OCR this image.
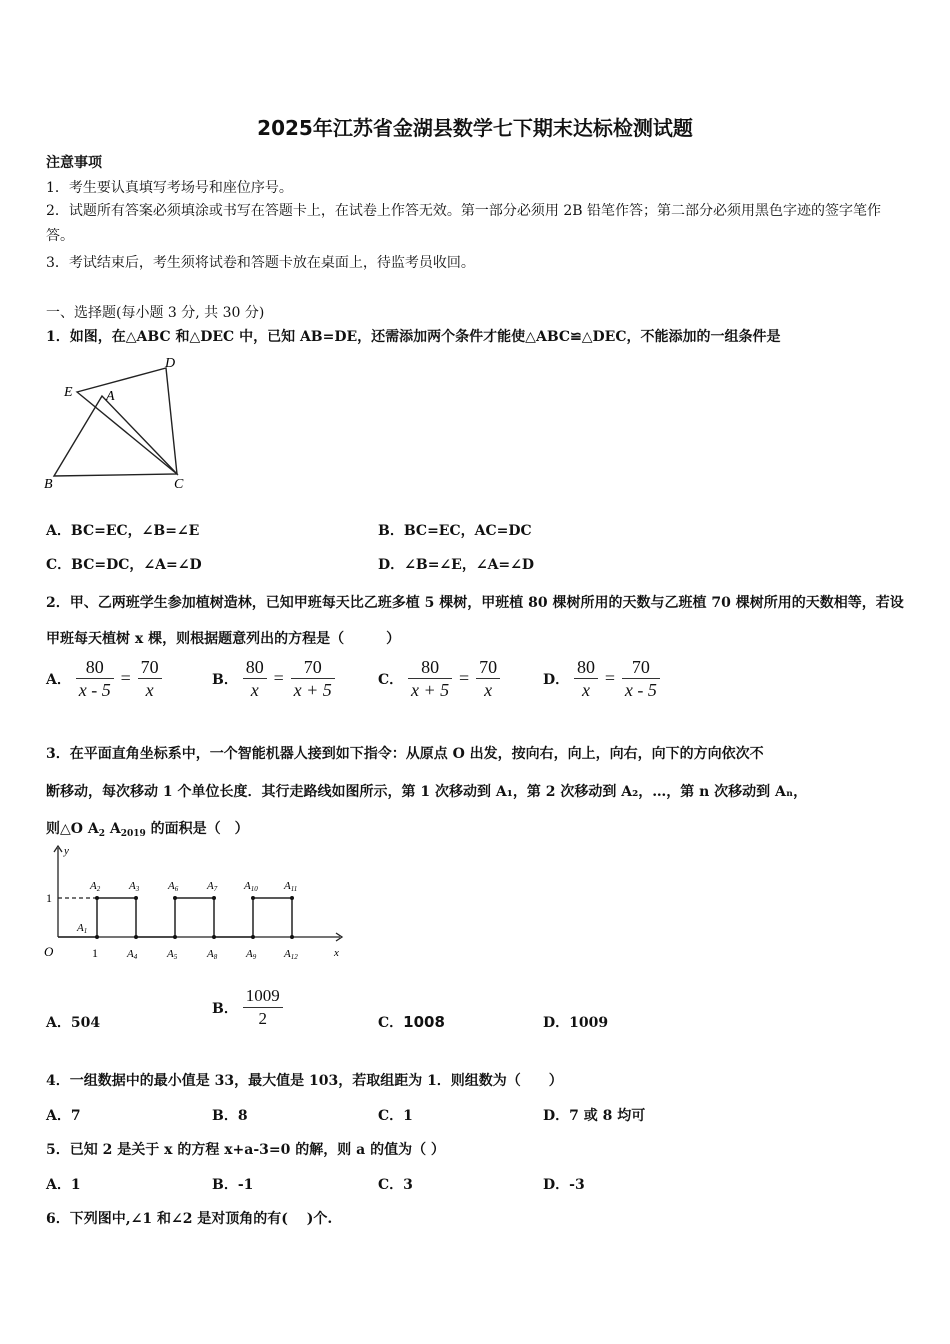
2025年江苏省金湖县数学七下期末达标检测试题
注意事项
1．考生要认真填写考场号和座位序号。
2．试题所有答案必须填涂或书写在答题卡上，在试卷上作答无效。第一部分必须用 2B 铅笔作答；第二部分必须用黑色字迹的签字笔作答。
3．考试结束后，考生须将试卷和答题卡放在桌面上，待监考员收回。
一、选择题(每小题 3 分, 共 30 分)
1．如图，在△ABC 和△DEC 中，已知 AB=DE，还需添加两个条件才能使△ABC≌△DEC，不能添加的一组条件是
D
E A
B	C
A．BC=EC，∠B=∠E	B．BC=EC，AC=DC
C．BC=DC，∠A=∠D	D．∠B=∠E，∠A=∠D
2．甲、乙两班学生参加植树造林，已知甲班每天比乙班多植 5 棵树，甲班植 80 棵树所用的天数与乙班植 70 棵树所用的天数相等，若设甲班每天植树 x 棵，则根据题意列出的方程是（　　　）
A． $\frac{80}{x - 5} = \frac{70}{x}$	B． $\frac{80}{x} = \frac{70}{x + 5}$	C． $\frac{80}{x + 5} = \frac{70}{x}$	D． $\frac{80}{x} = \frac{70}{x - 5}$
3．在平面直角坐标系中，一个智能机器人接到如下指令：从原点 O 出发，按向右，向上，向右，向下的方向依次不
断移动，每次移动 1 个单位长度．其行走路线如图所示，第 1 次移动到 A₁，第 2 次移动到 A₂，…，第 n 次移动到 Aₙ，
则△O $A_2$ $A_{2019}$ 的面积是（　）
y
x
O	1
1
A1
A2	A3
A4	A5
A6	A7
A8	A9
A10 A11
A12
A．504
B． $\frac{1009}{2}$	C．1008	D．1009
4．一组数据中的最小值是 33，最大值是 103，若取组距为 1．则组数为（　　）
A．7	B．8	C．1	D．7 或 8 均可
5．已知 2 是关于 x 的方程 x+a-3=0 的解，则 a 的值为（ ）
A．1	B．-1	C．3	D．-3
6．下列图中,∠1 和∠2 是对顶角的有(　 )个.
